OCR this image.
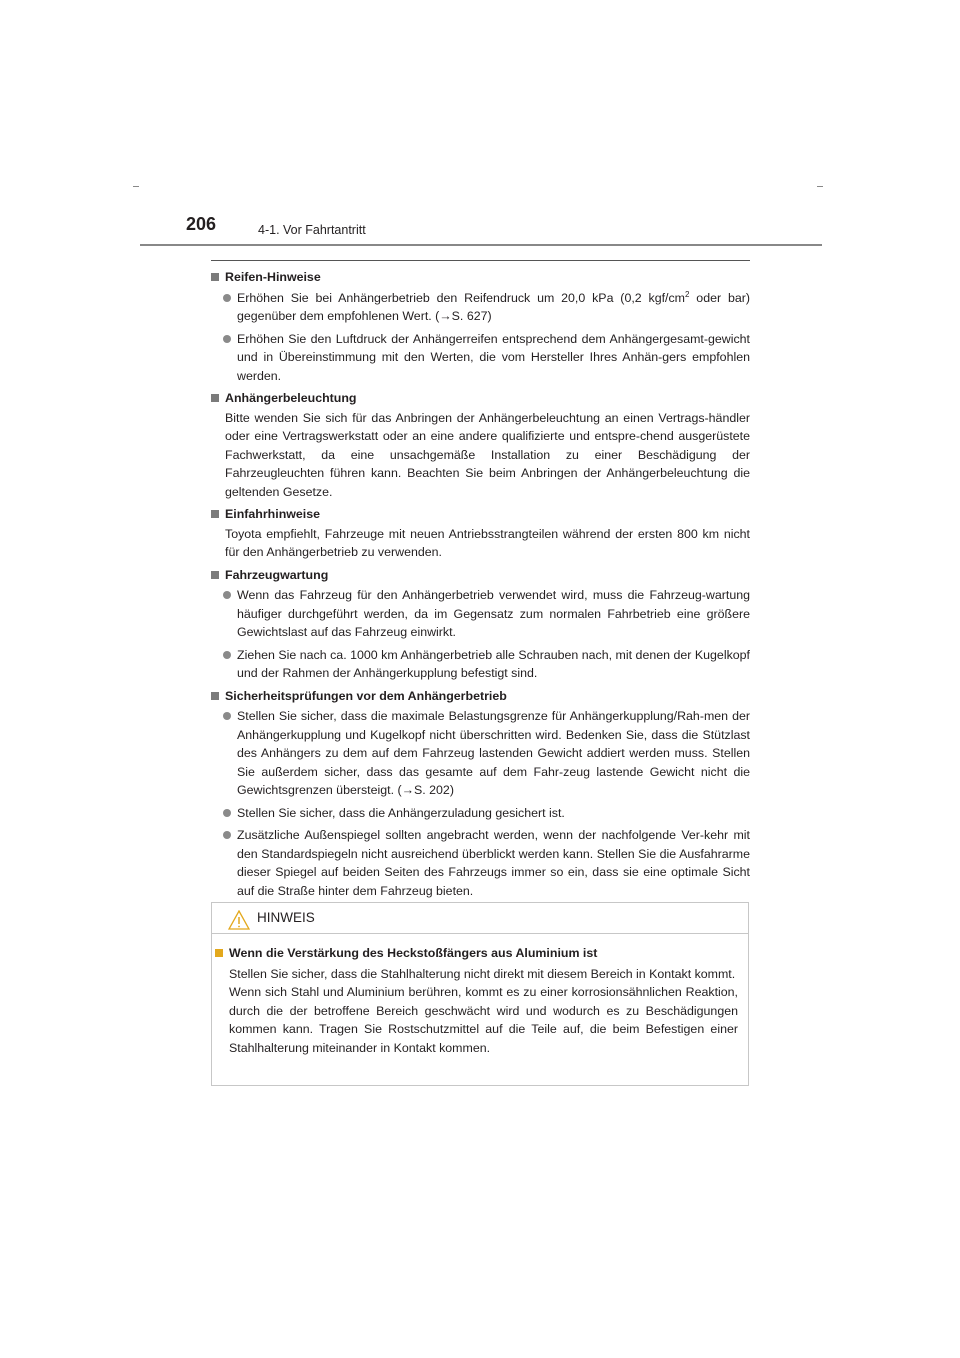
206	4-1. Vor Fahrtantritt
Reifen-Hinweise
Erhöhen Sie bei Anhängerbetrieb den Reifendruck um 20,0 kPa (0,2 kgf/$cm^2$ oder bar) gegenüber dem empfohlenen Wert. (→S. 627)
Erhöhen Sie den Luftdruck der Anhängerreifen entsprechend dem Anhängergesamt-gewicht und in Übereinstimmung mit den Werten, die vom Hersteller Ihres Anhän-gers empfohlen werden.
Anhängerbeleuchtung
Bitte wenden Sie sich für das Anbringen der Anhängerbeleuchtung an einen Vertrags-händler oder eine Vertragswerkstatt oder an eine andere qualifizierte und entspre-chend ausgerüstete Fachwerkstatt, da eine unsachgemäße Installation zu einer Beschädigung der Fahrzeugleuchten führen kann. Beachten Sie beim Anbringen der Anhängerbeleuchtung die geltenden Gesetze.
Einfahrhinweise
Toyota empfiehlt, Fahrzeuge mit neuen Antriebsstrangteilen während der ersten 800 km nicht für den Anhängerbetrieb zu verwenden.
Fahrzeugwartung
Wenn das Fahrzeug für den Anhängerbetrieb verwendet wird, muss die Fahrzeug-wartung häufiger durchgeführt werden, da im Gegensatz zum normalen Fahrbetrieb eine größere Gewichtslast auf das Fahrzeug einwirkt.
Ziehen Sie nach ca. 1000 km Anhängerbetrieb alle Schrauben nach, mit denen der Kugelkopf und der Rahmen der Anhängerkupplung befestigt sind.
Sicherheitsprüfungen vor dem Anhängerbetrieb
Stellen Sie sicher, dass die maximale Belastungsgrenze für Anhängerkupplung/Rah-men der Anhängerkupplung und Kugelkopf nicht überschritten wird. Bedenken Sie, dass die Stützlast des Anhängers zu dem auf dem Fahrzeug lastenden Gewicht addiert werden muss. Stellen Sie außerdem sicher, dass das gesamte auf dem Fahr-zeug lastende Gewicht nicht die Gewichtsgrenzen übersteigt. (→S. 202)
Stellen Sie sicher, dass die Anhängerzuladung gesichert ist.
Zusätzliche Außenspiegel sollten angebracht werden, wenn der nachfolgende Ver-kehr mit den Standardspiegeln nicht ausreichend überblickt werden kann. Stellen Sie die Ausfahrarme dieser Spiegel auf beiden Seiten des Fahrzeugs immer so ein, dass sie eine optimale Sicht auf die Straße hinter dem Fahrzeug bieten.
HINWEIS
Wenn die Verstärkung des Heckstoßfängers aus Aluminium ist
Stellen Sie sicher, dass die Stahlhalterung nicht direkt mit diesem Bereich in Kontakt kommt.
Wenn sich Stahl und Aluminium berühren, kommt es zu einer korrosionsähnlichen Reaktion, durch die der betroffene Bereich geschwächt wird und wodurch es zu Beschädigungen kommen kann. Tragen Sie Rostschutzmittel auf die Teile auf, die beim Befestigen einer Stahlhalterung miteinander in Kontakt kommen.
